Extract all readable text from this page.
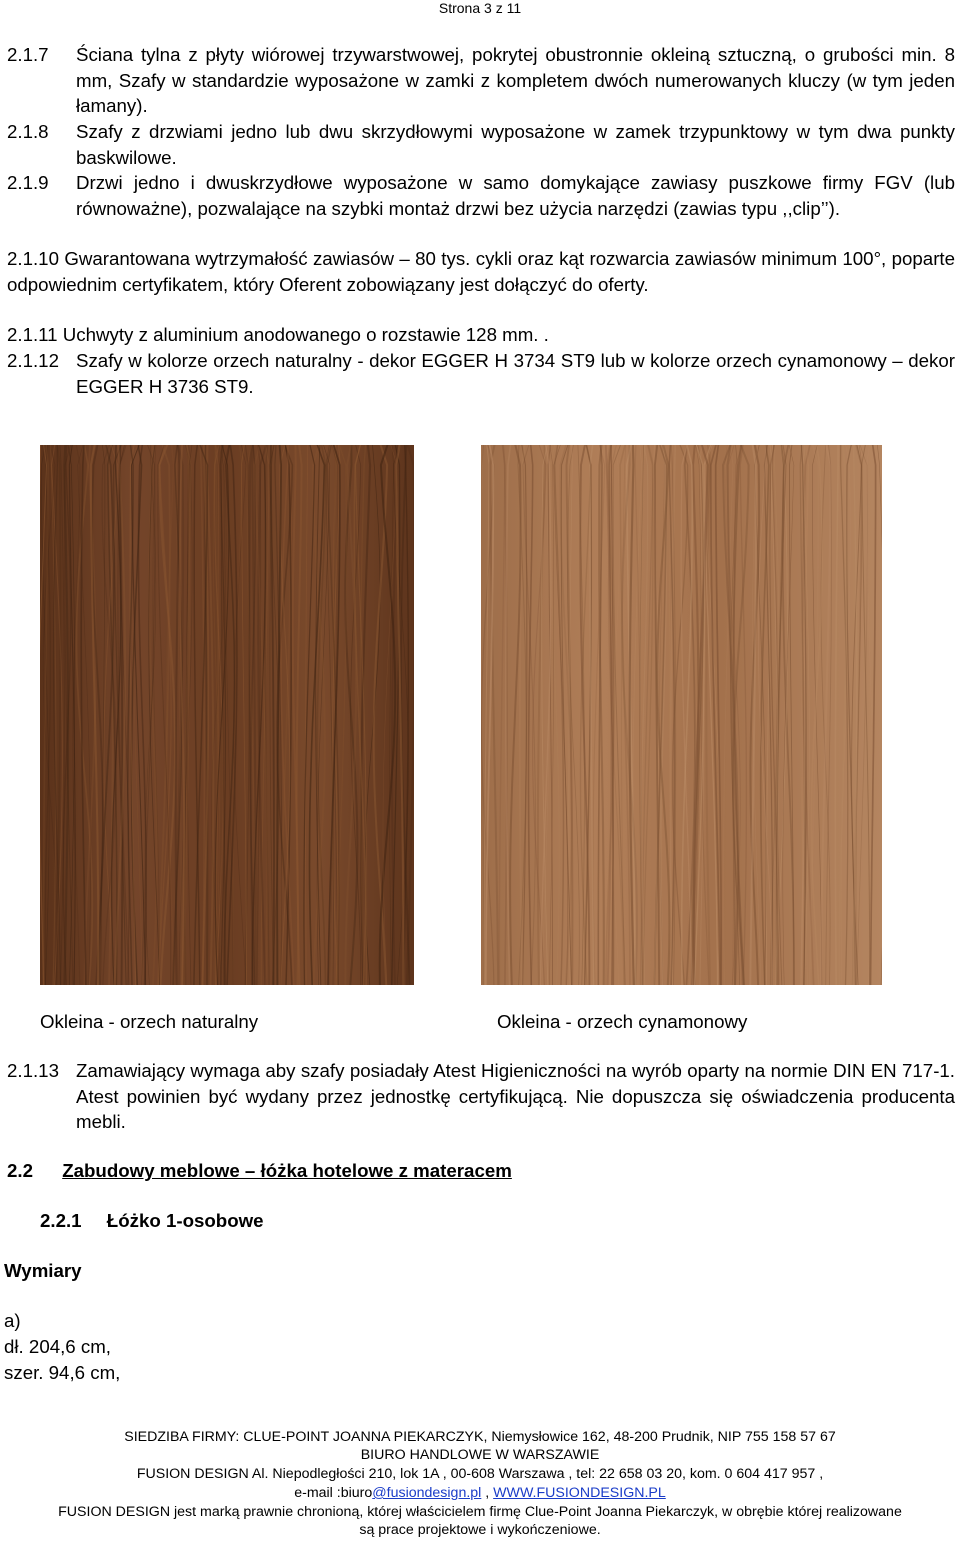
Strona 3 z 11
2.1.7 Ściana tylna z płyty wiórowej trzywarstwowej, pokrytej obustronnie okleiną sztuczną, o grubości min. 8 mm, Szafy w standardzie wyposażone w zamki z kompletem dwóch numerowanych kluczy (w tym jeden łamany).
2.1.8 Szafy z drzwiami jedno lub dwu skrzydłowymi wyposażone w zamek trzypunktowy w tym dwa punkty baskwilowe.
2.1.9 Drzwi jedno i dwuskrzydłowe wyposażone w samo domykające zawiasy puszkowe firmy FGV (lub równoważne), pozwalające na szybki montaż drzwi bez użycia narzędzi (zawias typu ,,clip’’).
2.1.10 Gwarantowana wytrzymałość zawiasów – 80 tys. cykli oraz kąt rozwarcia zawiasów minimum 100°, poparte odpowiednim certyfikatem, który Oferent zobowiązany jest dołączyć do oferty.
2.1.11 Uchwyty z aluminium anodowanego o rozstawie 128 mm. .
2.1.12 Szafy w kolorze orzech naturalny - dekor EGGER H 3734 ST9 lub w kolorze orzech cynamonowy – dekor EGGER H 3736 ST9.
Okleina - orzech naturalny	Okleina - orzech cynamonowy
2.1.13 Zamawiający wymaga aby szafy posiadały Atest Higieniczności na wyrób oparty na normie DIN EN 717-1. Atest powinien być wydany przez jednostkę certyfikującą. Nie dopuszcza się oświadczenia producenta mebli.
2.2 Zabudowy meblowe – łóżka hotelowe z materacem
2.2.1 Łóżko 1-osobowe
Wymiary
a)
dł. 204,6 cm,
szer. 94,6 cm,
SIEDZIBA FIRMY: CLUE-POINT JOANNA PIEKARCZYK, Niemysłowice 162, 48-200 Prudnik, NIP 755 158 57 67
BIURO HANDLOWE W WARSZAWIE
FUSION DESIGN Al. Niepodległości 210, lok 1A , 00-608 Warszawa , tel: 22 658 03 20, kom. 0 604 417 957 ,
e-mail :biuro@fusiondesign.pl , WWW.FUSIONDESIGN.PL
FUSION DESIGN jest marką prawnie chronioną, której właścicielem firmę Clue-Point Joanna Piekarczyk, w obrębie której realizowane
są prace projektowe i wykończeniowe.
